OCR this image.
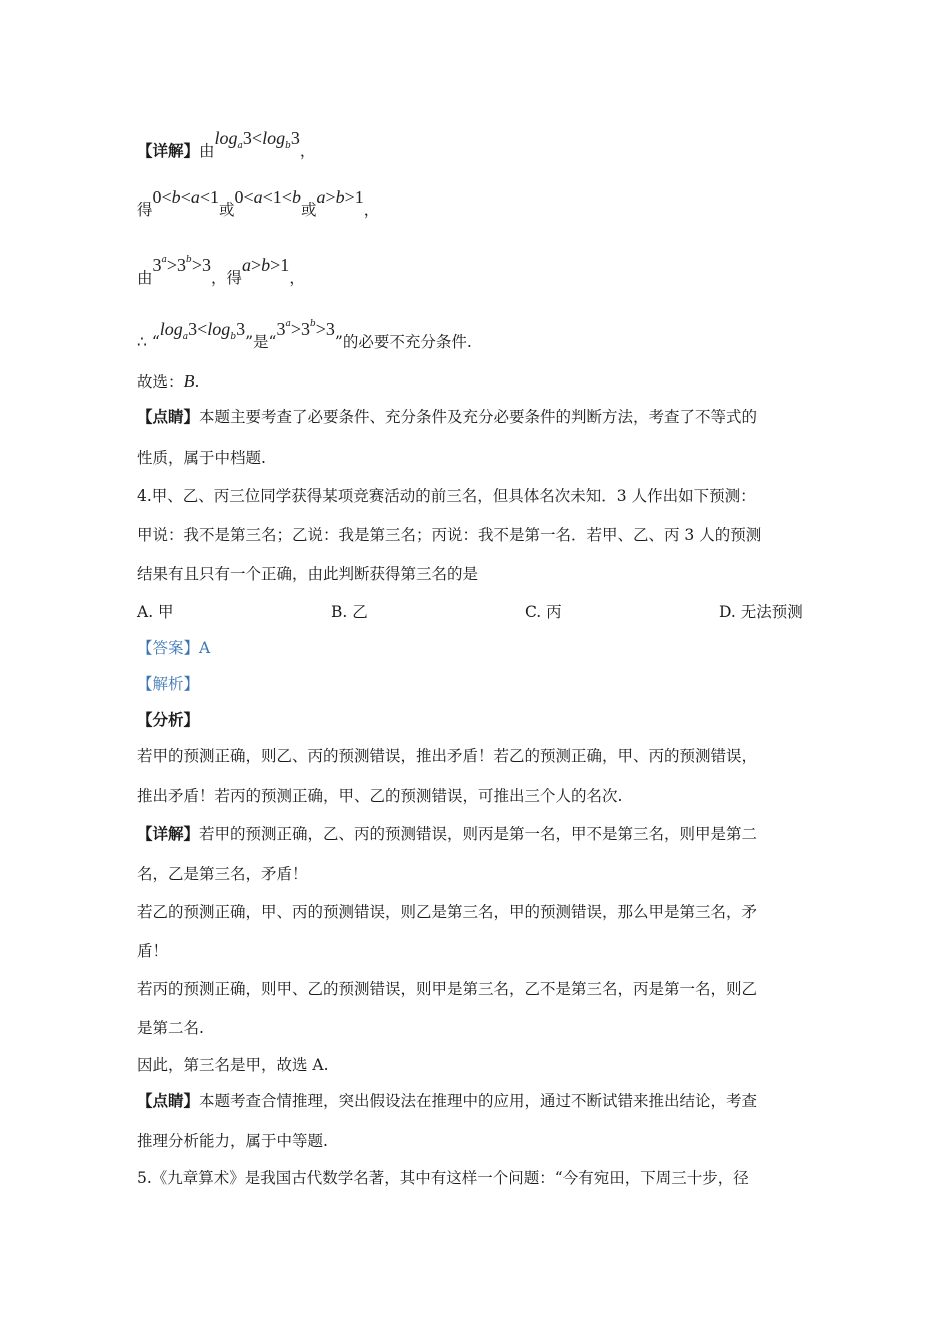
【详解】由$\log_a3<\log_b3$，
得0<b<a<1或0<a<1<b或a>b>1，
由$3^a>3^b>3$，得a>b>1，
∴ “$\log_a3<\log_b3$”是“$3^a>3^b>3$”的必要不充分条件.
故选：B.
【点睛】本题主要考查了必要条件、充分条件及充分必要条件的判断方法，考查了不等式的
性质，属于中档题.
4.甲、乙、丙三位同学获得某项竞赛活动的前三名，但具体名次未知．3 人作出如下预测：
甲说：我不是第三名；乙说：我是第三名；丙说：我不是第一名．若甲、乙、丙 3 人的预测
结果有且只有一个正确，由此判断获得第三名的是
A. 甲	B. 乙	C. 丙	D. 无法预测
【答案】A
【解析】
【分析】
若甲的预测正确，则乙、丙的预测错误，推出矛盾！若乙的预测正确，甲、丙的预测错误，
推出矛盾！若丙的预测正确，甲、乙的预测错误，可推出三个人的名次.
【详解】若甲的预测正确，乙、丙的预测错误，则丙是第一名，甲不是第三名，则甲是第二
名，乙是第三名，矛盾！
若乙的预测正确，甲、丙的预测错误，则乙是第三名，甲的预测错误，那么甲是第三名，矛
盾！
若丙的预测正确，则甲、乙的预测错误，则甲是第三名，乙不是第三名，丙是第一名，则乙
是第二名.
因此，第三名是甲，故选 A.
【点睛】本题考查合情推理，突出假设法在推理中的应用，通过不断试错来推出结论，考查
推理分析能力，属于中等题.
5.《九章算术》是我国古代数学名著，其中有这样一个问题：“今有宛田，下周三十步，径
